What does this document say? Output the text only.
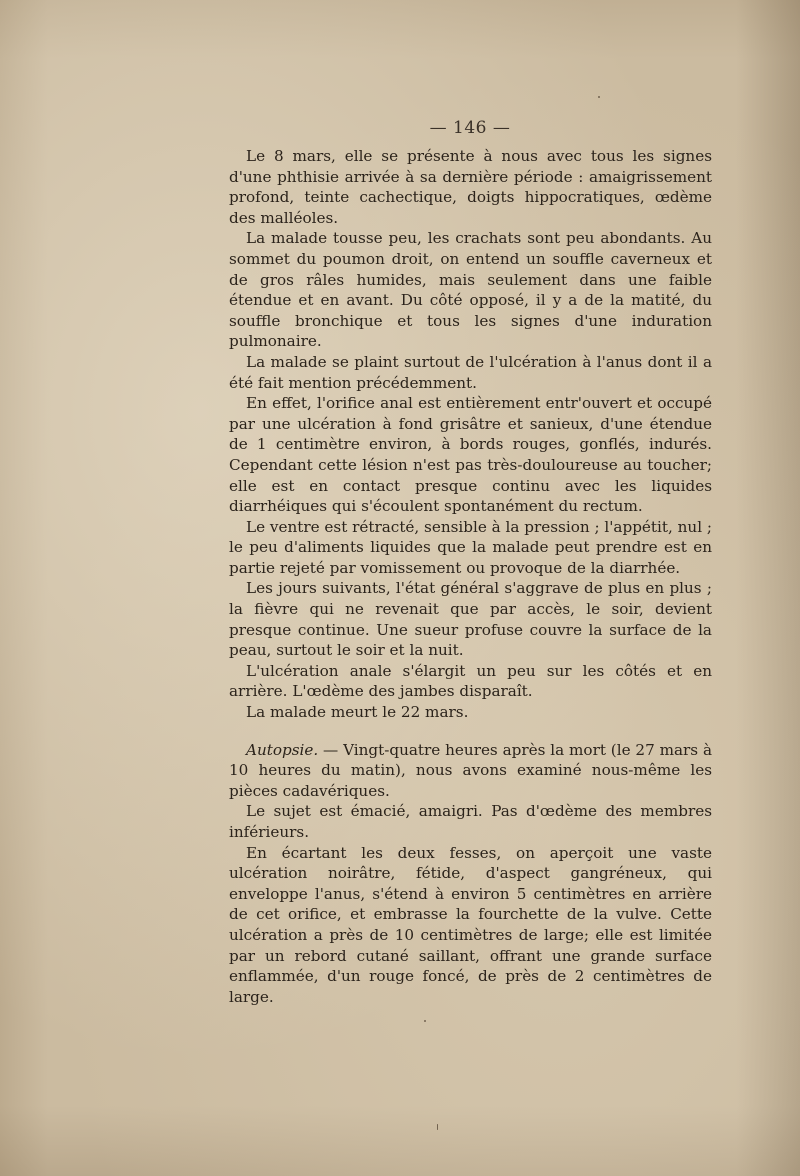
— 146 —

Le 8 mars, elle se présente à nous avec tous les signes d'une phthisie arrivée à sa dernière période : amaigrissement profond, teinte cachectique, doigts hippocratiques, œdème des malléoles.

La malade tousse peu, les crachats sont peu abondants. Au sommet du poumon droit, on entend un souffle caverneux et de gros râles humides, mais seulement dans une faible étendue et en avant. Du côté opposé, il y a de la matité, du souffle bronchique et tous les signes d'une induration pulmonaire.

La malade se plaint surtout de l'ulcération à l'anus dont il a été fait mention précédemment.

En effet, l'orifice anal est entièrement entr'ouvert et occupé par une ulcération à fond grisâtre et sanieux, d'une étendue de 1 centimètre environ, à bords rouges, gonflés, indurés. Cependant cette lésion n'est pas très-douloureuse au toucher; elle est en contact presque continu avec les liquides diarrhéiques qui s'écoulent spontanément du rectum.

Le ventre est rétracté, sensible à la pression ; l'appétit, nul ; le peu d'aliments liquides que la malade peut prendre est en partie rejeté par vomissement ou provoque de la diarrhée.

Les jours suivants, l'état général s'aggrave de plus en plus ; la fièvre qui ne revenait que par accès, le soir, devient presque continue. Une sueur profuse couvre la surface de la peau, surtout le soir et la nuit.

L'ulcération anale s'élargit un peu sur les côtés et en arrière. L'œdème des jambes disparaît.

La malade meurt le 22 mars.

Autopsie. — Vingt-quatre heures après la mort (le 27 mars à 10 heures du matin), nous avons examiné nous-même les pièces cadavériques.

Le sujet est émacié, amaigri. Pas d'œdème des membres inférieurs.

En écartant les deux fesses, on aperçoit une vaste ulcération noirâtre, fétide, d'aspect gangréneux, qui enveloppe l'anus, s'étend à environ 5 centimètres en arrière de cet orifice, et embrasse la fourchette de la vulve. Cette ulcération a près de 10 centimètres de large; elle est limitée par un rebord cutané saillant, offrant une grande surface enflammée, d'un rouge foncé, de près de 2 centimètres de large.
